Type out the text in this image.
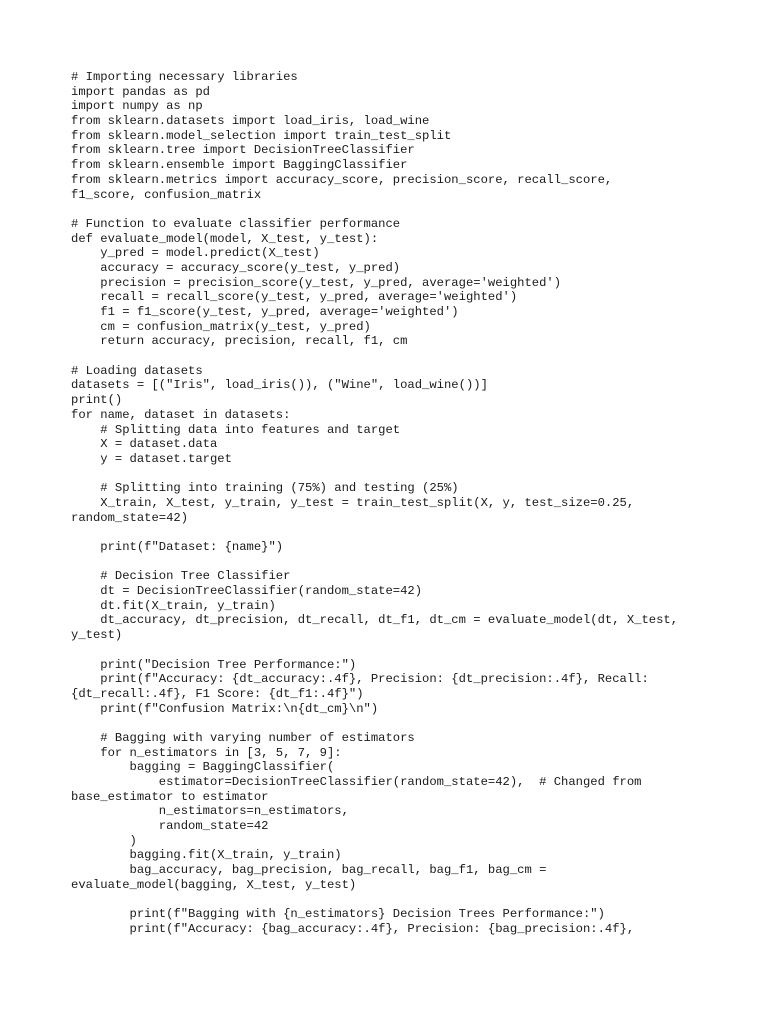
# Importing necessary libraries
import pandas as pd
import numpy as np
from sklearn.datasets import load_iris, load_wine
from sklearn.model_selection import train_test_split
from sklearn.tree import DecisionTreeClassifier
from sklearn.ensemble import BaggingClassifier
from sklearn.metrics import accuracy_score, precision_score, recall_score,
f1_score, confusion_matrix
# Function to evaluate classifier performance
def evaluate_model(model, X_test, y_test):
y_pred = model.predict(X_test)
accuracy = accuracy_score(y_test, y_pred)
precision = precision_score(y_test, y_pred, average='weighted')
recall = recall_score(y_test, y_pred, average='weighted')
f1 = f1_score(y_test, y_pred, average='weighted')
cm = confusion_matrix(y_test, y_pred)
return accuracy, precision, recall, f1, cm
# Loading datasets
datasets = [("Iris", load_iris()), ("Wine", load_wine())]
print()
for name, dataset in datasets:
# Splitting data into features and target
X = dataset.data
y = dataset.target
# Splitting into training (75%) and testing (25%)
X_train, X_test, y_train, y_test = train_test_split(X, y, test_size=0.25,
random_state=42)
print(f"Dataset: {name}")
# Decision Tree Classifier
dt = DecisionTreeClassifier(random_state=42)
dt.fit(X_train, y_train)
dt_accuracy, dt_precision, dt_recall, dt_f1, dt_cm = evaluate_model(dt, X_test,
y_test)
print("Decision Tree Performance:")
print(f"Accuracy: {dt_accuracy:.4f}, Precision: {dt_precision:.4f}, Recall:
{dt_recall:.4f}, F1 Score: {dt_f1:.4f}")
print(f"Confusion Matrix:\n{dt_cm}\n")
# Bagging with varying number of estimators
for n_estimators in [3, 5, 7, 9]:
bagging = BaggingClassifier(
estimator=DecisionTreeClassifier(random_state=42),  # Changed from
base_estimator to estimator
n_estimators=n_estimators,
random_state=42
)
bagging.fit(X_train, y_train)
bag_accuracy, bag_precision, bag_recall, bag_f1, bag_cm =
evaluate_model(bagging, X_test, y_test)
print(f"Bagging with {n_estimators} Decision Trees Performance:")
print(f"Accuracy: {bag_accuracy:.4f}, Precision: {bag_precision:.4f},
